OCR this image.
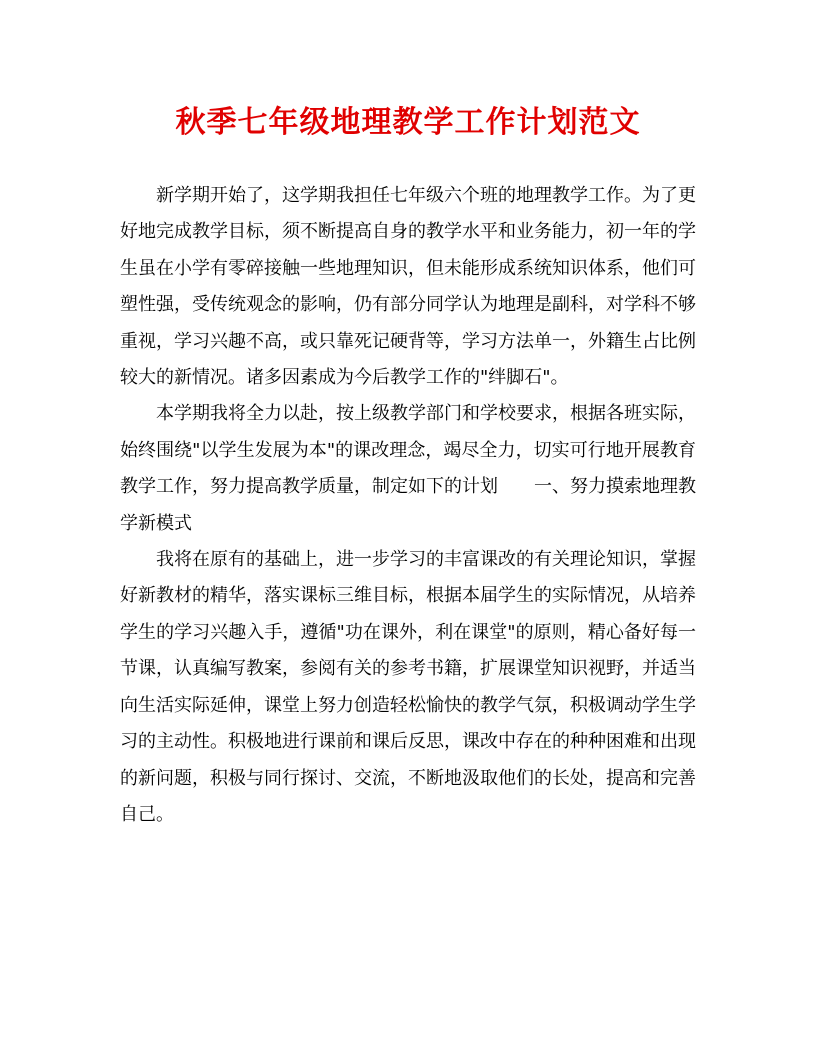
秋季七年级地理教学工作计划范文

新学期开始了，这学期我担任七年级六个班的地理教学工作。为了更好地完成教学目标，须不断提高自身的教学水平和业务能力，初一年的学生虽在小学有零碎接触一些地理知识，但未能形成系统知识体系，他们可塑性强，受传统观念的影响，仍有部分同学认为地理是副科，对学科不够重视，学习兴趣不高，或只靠死记硬背等，学习方法单一，外籍生占比例较大的新情况。诸多因素成为今后教学工作的"绊脚石"。

本学期我将全力以赴，按上级教学部门和学校要求，根据各班实际，始终围绕"以学生发展为本"的课改理念，竭尽全力，切实可行地开展教育教学工作，努力提高教学质量，制定如下的计划　　一、努力摸索地理教学新模式

我将在原有的基础上，进一步学习的丰富课改的有关理论知识，掌握好新教材的精华，落实课标三维目标，根据本届学生的实际情况，从培养学生的学习兴趣入手，遵循"功在课外，利在课堂"的原则，精心备好每一节课，认真编写教案，参阅有关的参考书籍，扩展课堂知识视野，并适当向生活实际延伸，课堂上努力创造轻松愉快的教学气氛，积极调动学生学习的主动性。积极地进行课前和课后反思，课改中存在的种种困难和出现的新问题，积极与同行探讨、交流，不断地汲取他们的长处，提高和完善自己。
